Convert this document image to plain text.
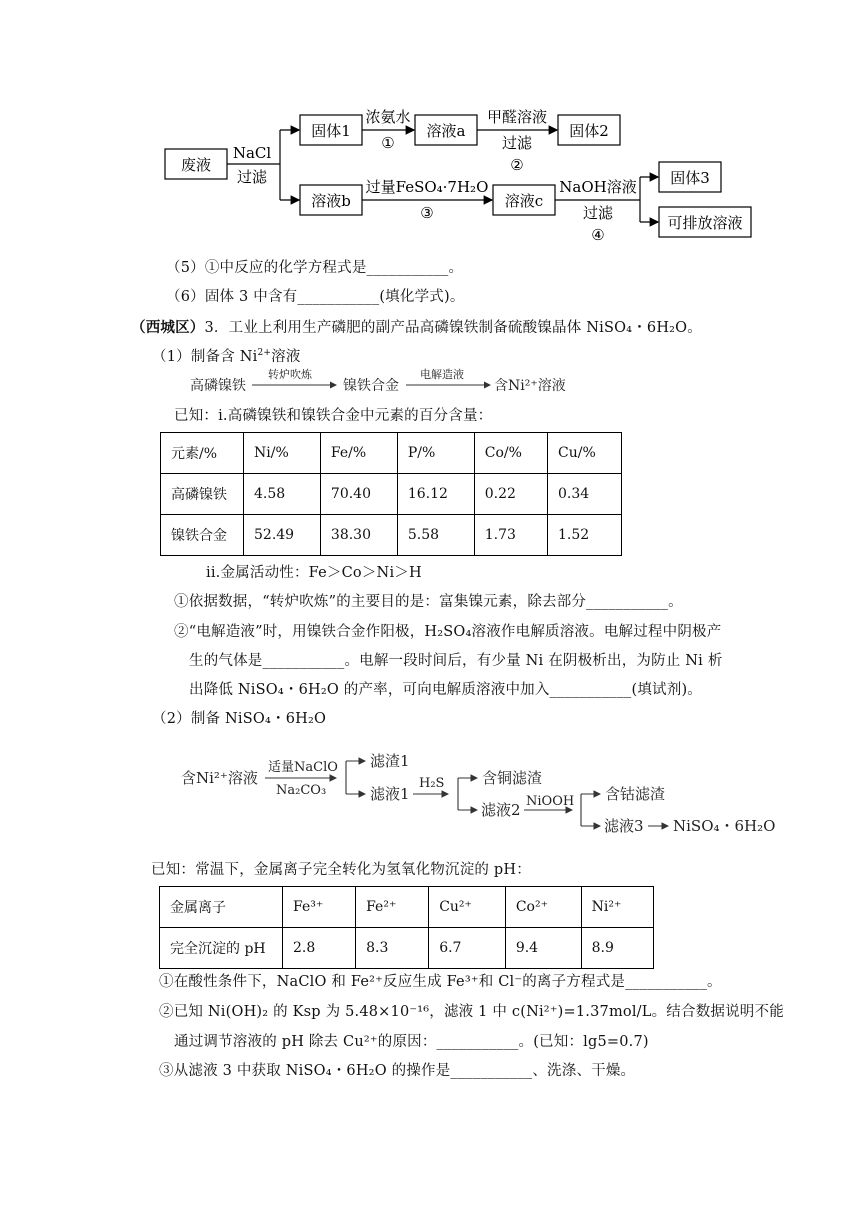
废液
NaCl
过滤
固体1
浓氨水
①
溶液a
甲醛溶液
过滤
②
固体2
溶液b
过量FeSO₄·7H₂O
③
溶液c
NaOH溶液
过滤
④
固体3
可排放溶液
（5）①中反应的化学方程式是___________。
（6）固体 3 中含有___________(填化学式)。
（西城区）3．工业上利用生产磷肥的副产品高磷镍铁制备硫酸镍晶体 NiSO₄・6H₂O。
（1）制备含 $Ni^{2+}$溶液
高磷镍铁
转炉吹炼
镍铁合金
电解造液
含Ni²⁺溶液
已知：i.高磷镍铁和镍铁合金中元素的百分含量：
元素/%	Ni/%	Fe/%	P/%	Co/%	Cu/%
高磷镍铁	4.58	70.40	16.12	0.22	0.34
镍铁合金	52.49	38.30	5.58	1.73	1.52
ii.金属活动性：Fe＞Co＞Ni＞H
①依据数据，“转炉吹炼”的主要目的是：富集镍元素，除去部分___________。
②“电解造液”时，用镍铁合金作阳极，H₂SO₄溶液作电解质溶液。电解过程中阴极产
生的气体是___________。电解一段时间后，有少量 Ni 在阴极析出，为防止 Ni 析
出降低 NiSO₄・6H₂O 的产率，可向电解质溶液中加入___________(填试剂)。
（2）制备 NiSO₄・6H₂O
含Ni²⁺溶液
适量NaClO
Na₂CO₃
滤渣1
滤液1
H₂S	含铜滤渣
滤液2 NiOOH 含钴滤渣
滤液3 NiSO₄・6H₂O
已知：常温下，金属离子完全转化为氢氧化物沉淀的 pH：
金属离子	Fe³⁺	Fe²⁺	Cu²⁺	Co²⁺	Ni²⁺
完全沉淀的 pH	2.8	8.3	6.7	9.4	8.9
①在酸性条件下，NaClO 和 Fe²⁺反应生成 Fe³⁺和 Cl⁻的离子方程式是___________。
②已知 Ni(OH)₂ 的 Ksp 为 5.48×10⁻¹⁶，滤液 1 中 c(Ni²⁺)=1.37mol/L。结合数据说明不能
通过调节溶液的 pH 除去 Cu²⁺的原因：___________。(已知：lg5=0.7)
③从滤液 3 中获取 NiSO₄・6H₂O 的操作是___________、洗涤、干燥。
